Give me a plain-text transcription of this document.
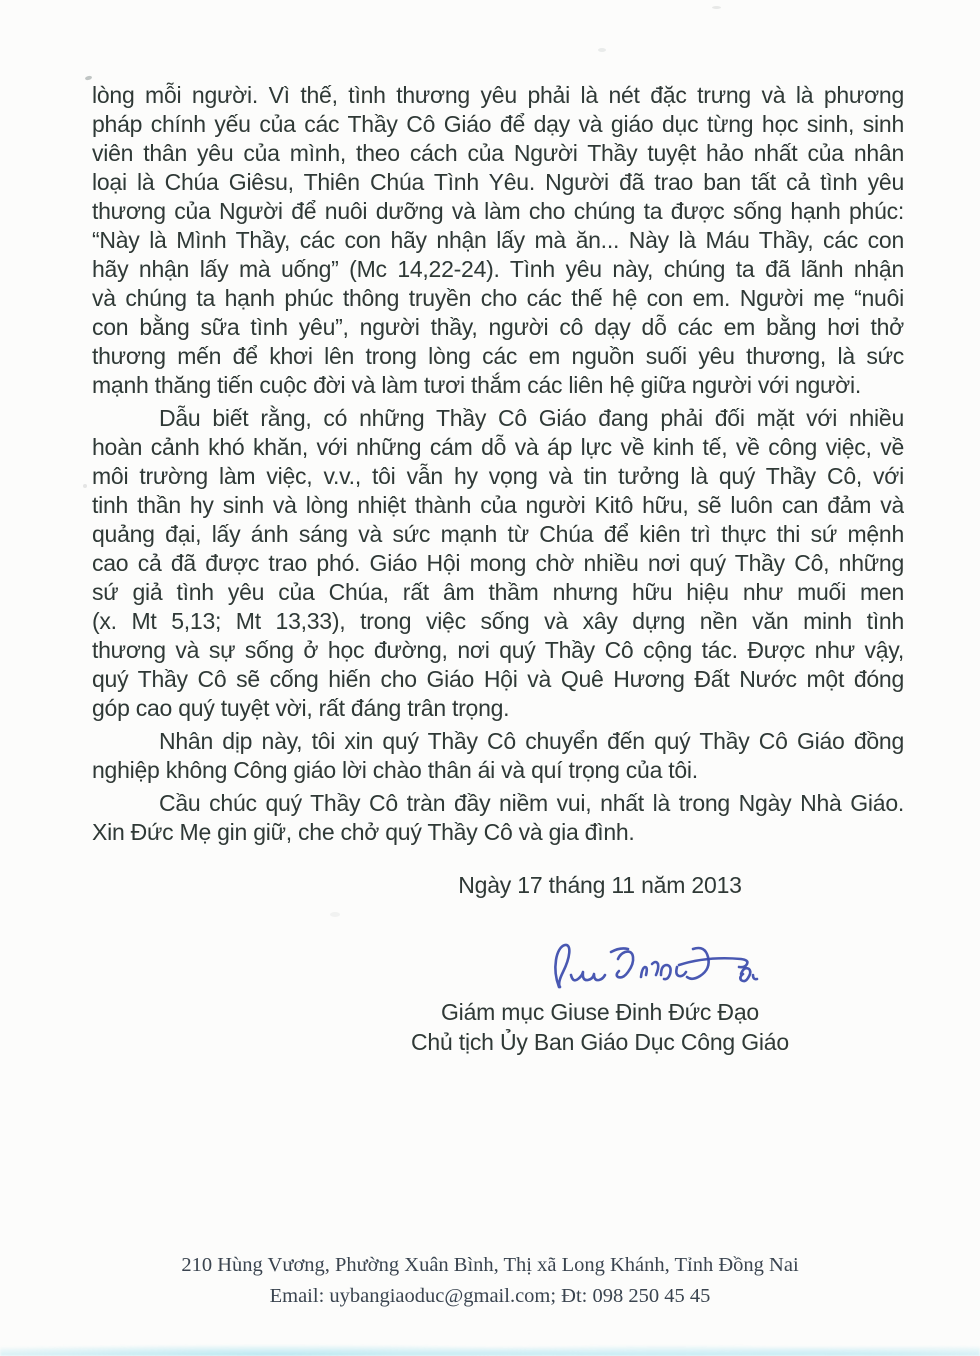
lòng mỗi người. Vì thế, tình thương yêu phải là nét đặc trưng và là phương
pháp chính yếu của các Thầy Cô Giáo để dạy và giáo dục từng học sinh, sinh
viên thân yêu của mình, theo cách của Người Thầy tuyệt hảo nhất của nhân
loại là Chúa Giêsu, Thiên Chúa Tình Yêu. Người đã trao ban tất cả tình yêu
thương của Người để nuôi dưỡng và làm cho chúng ta được sống hạnh phúc:
“Này là Mình Thầy, các con hãy nhận lấy mà ăn... Này là Máu Thầy, các con
hãy nhận lấy mà uống” (Mc 14,22-24). Tình yêu này, chúng ta đã lãnh nhận
và chúng ta hạnh phúc thông truyền cho các thế hệ con em. Người mẹ “nuôi
con bằng sữa tình yêu”, người thầy, người cô dạy dỗ các em bằng hơi thở
thương mến để khơi lên trong lòng các em nguồn suối yêu thương, là sức
mạnh thăng tiến cuộc đời và làm tươi thắm các liên hệ giữa người với người.
Dẫu biết rằng, có những Thầy Cô Giáo đang phải đối mặt với nhiều
hoàn cảnh khó khăn, với những cám dỗ và áp lực về kinh tế, về công việc, về
môi trường làm việc, v.v., tôi vẫn hy vọng và tin tưởng là quý Thầy Cô, với
tinh thần hy sinh và lòng nhiệt thành của người Kitô hữu, sẽ luôn can đảm và
quảng đại, lấy ánh sáng và sức mạnh từ Chúa để kiên trì thực thi sứ mệnh
cao cả đã được trao phó. Giáo Hội mong chờ nhiều nơi quý Thầy Cô, những
sứ giả tình yêu của Chúa, rất âm thầm nhưng hữu hiệu như muối men
(x. Mt 5,13; Mt 13,33), trong việc sống và xây dựng nền văn minh tình
thương và sự sống ở học đường, nơi quý Thầy Cô cộng tác. Được như vậy,
quý Thầy Cô sẽ cống hiến cho Giáo Hội và Quê Hương Đất Nước một đóng
góp cao quý tuyệt vời, rất đáng trân trọng.
Nhân dịp này, tôi xin quý Thầy Cô chuyển đến quý Thầy Cô Giáo đồng
nghiệp không Công giáo lời chào thân ái và quí trọng của tôi.
Cầu chúc quý Thầy Cô tràn đầy niềm vui, nhất là trong Ngày Nhà Giáo.
Xin Đức Mẹ gin giữ, che chở quý Thầy Cô và gia đình.
Ngày 17 tháng 11 năm 2013
Giám mục Giuse Đinh Đức Đạo
Chủ tịch Ủy Ban Giáo Dục Công Giáo
210 Hùng Vương, Phường Xuân Bình, Thị xã Long Khánh, Tỉnh Đồng Nai
Email: uybangiaoduc@gmail.com; Đt: 098 250 45 45
